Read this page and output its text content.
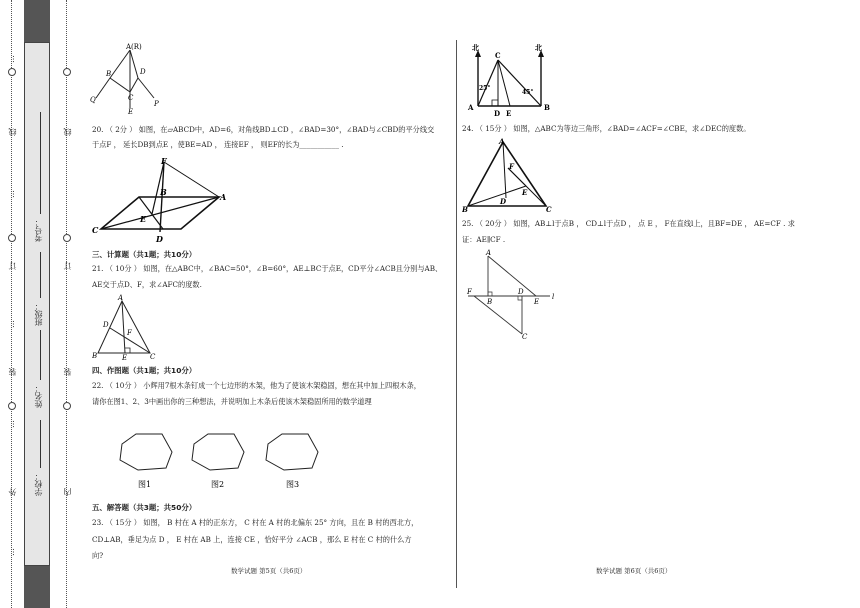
…
线
…
订
…
装
…
外
…
学校：
姓名：
班级：
考号：
线
订
装
内
A(R)
B	D
C
E
Q	P
20. （ 2分 ） 如图，在▱ABCD中，AD=6，对角线BD⊥CD ，∠BAD=30°，∠BAD与∠CBD的平分线交
于点F ， 延长DB到点E ，使BE=AD ， 连接EF ， 则EF的长为___________ .
F
B	A
C
E
D
三、计算题（共1题；共10分）
21. （ 10分 ） 如图，在△ABC中，∠BAC=50°，∠B=60°，AE⊥BC于点E，CD平分∠ACB且分别与AB、
AE交于点D、F，求∠AFC的度数.
A
D
F
B	E	C
四、作图题（共1题；共10分）
22. （ 10分 ） 小辉用7根木条钉成一个七边形的木架，他为了使该木架稳固，想在其中加上四根木条，
请你在图1、2、3中画出你的三种想法，并说明加上木条后使该木架稳固所用的数学道理
图1	图2	图3
五、解答题（共3题；共50分）
23. （ 15分 ） 如图， B 村在 A 村的正东方， C 村在 A 村的北偏东 25° 方向，且在 B 村的西北方，
CD⊥AB，垂足为点 D ， E 村在 AB 上，连接 CE ，恰好平分 ∠ACB ，那么 E 村在 C 村的什么方
向?
数学试题 第5页（共6页）
北	北
C
A
D E
B
25°
45°
24. （ 15分 ） 如图，△ABC为等边三角形，∠BAD=∠ACF=∠CBE，求∠DEC的度数。
A
F
E
B
D
C
25. （ 20分 ） 如图，AB⊥l于点B ， CD⊥l于点D ， 点 E ， F在直线l上，且BF=DE ， AE=CF . 求
证：AE∥CF .
A
F
B
D
E
l
C
数学试题 第6页（共6页）
